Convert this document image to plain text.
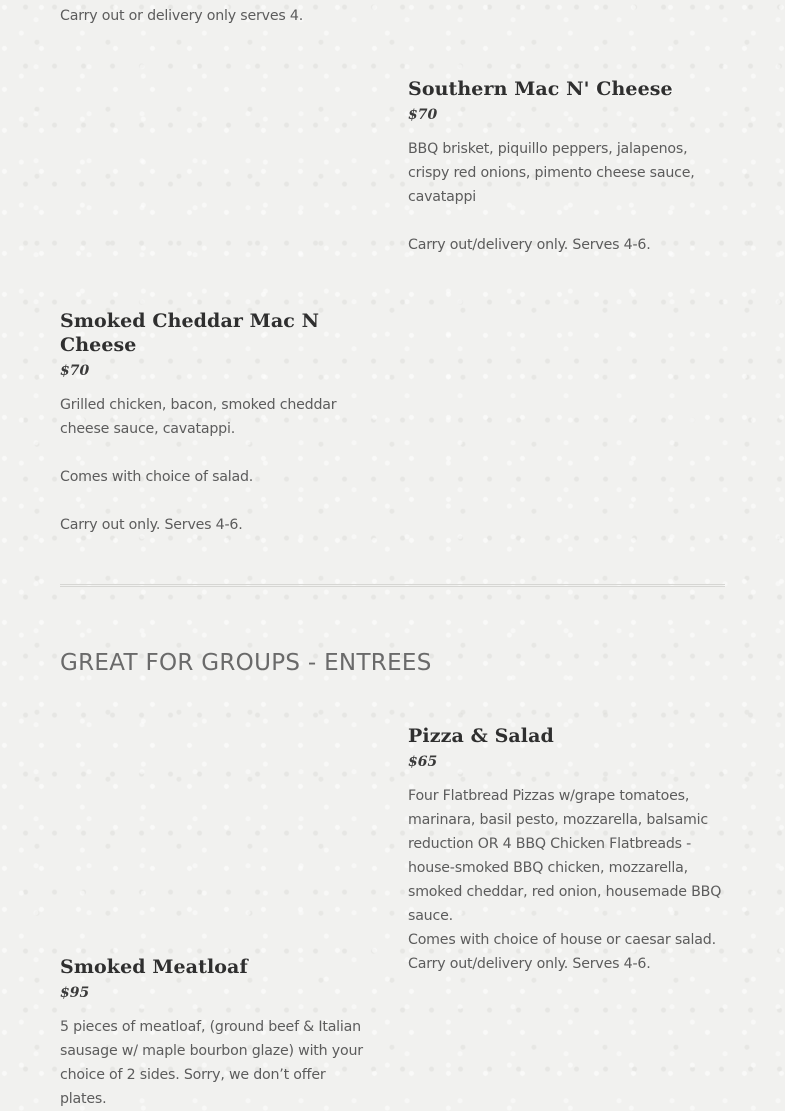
Carry out or delivery only serves 4.

Southern Mac N' Cheese

$70

BBQ brisket, piquillo peppers, jalapenos, crispy red onions, pimento cheese sauce, cavatappi

Carry out/delivery only. Serves 4-6.

Smoked Cheddar Mac N Cheese

$70

Grilled chicken, bacon, smoked cheddar cheese sauce, cavatappi.

Comes with choice of salad.

Carry out only. Serves 4-6.

GREAT FOR GROUPS - ENTREES
Pizza & Salad

$65

Four Flatbread Pizzas w/grape tomatoes, marinara, basil pesto, mozzarella, balsamic reduction OR 4 BBQ Chicken Flatbreads - house-smoked BBQ chicken, mozzarella, smoked cheddar, red onion, housemade BBQ sauce.

Comes with choice of house or caesar salad.

Carry out/delivery only. Serves 4-6.

Smoked Meatloaf

$95

5 pieces of meatloaf, (ground beef & Italian sausage w/ maple bourbon glaze) with your choice of 2 sides. Sorry, we don’t offer plates.
